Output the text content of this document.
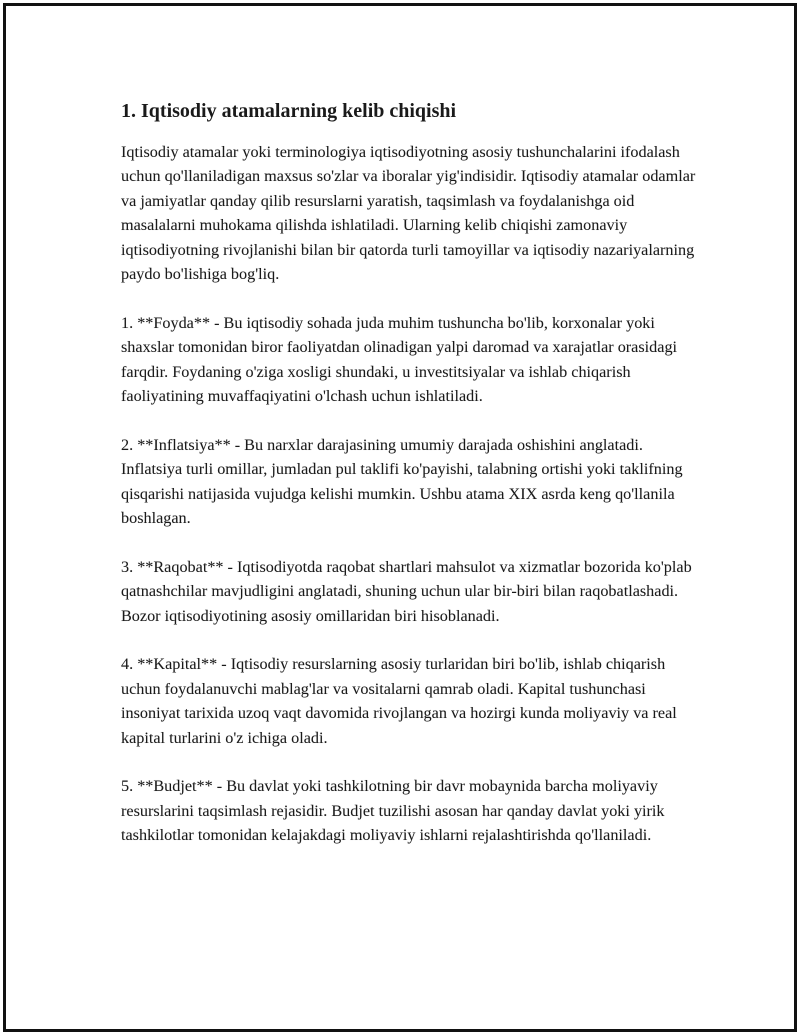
1. Iqtisodiy atamalarning kelib chiqishi

Iqtisodiy atamalar yoki terminologiya iqtisodiyotning asosiy tushunchalarini ifodalash uchun qo'llaniladigan maxsus so'zlar va iboralar yig'indisidir. Iqtisodiy atamalar odamlar va jamiyatlar qanday qilib resurslarni yaratish, taqsimlash va foydalanishga oid masalalarni muhokama qilishda ishlatiladi. Ularning kelib chiqishi zamonaviy iqtisodiyotning rivojlanishi bilan bir qatorda turli tamoyillar va iqtisodiy nazariyalarning paydo bo'lishiga bog'liq.

1. **Foyda** - Bu iqtisodiy sohada juda muhim tushuncha bo'lib, korxonalar yoki shaxslar tomonidan biror faoliyatdan olinadigan yalpi daromad va xarajatlar orasidagi farqdir. Foydaning o'ziga xosligi shundaki, u investitsiyalar va ishlab chiqarish faoliyatining muvaffaqiyatini o'lchash uchun ishlatiladi.

2. **Inflatsiya** - Bu narxlar darajasining umumiy darajada oshishini anglatadi. Inflatsiya turli omillar, jumladan pul taklifi ko'payishi, talabning ortishi yoki taklifning qisqarishi natijasida vujudga kelishi mumkin. Ushbu atama XIX asrda keng qo'llanila boshlagan.

3. **Raqobat** - Iqtisodiyotda raqobat shartlari mahsulot va xizmatlar bozorida ko'plab qatnashchilar mavjudligini anglatadi, shuning uchun ular bir-biri bilan raqobatlashadi. Bozor iqtisodiyotining asosiy omillaridan biri hisoblanadi.

4. **Kapital** - Iqtisodiy resurslarning asosiy turlaridan biri bo'lib, ishlab chiqarish uchun foydalanuvchi mablag'lar va vositalarni qamrab oladi. Kapital tushunchasi insoniyat tarixida uzoq vaqt davomida rivojlangan va hozirgi kunda moliyaviy va real kapital turlarini o'z ichiga oladi.

5. **Budjet** - Bu davlat yoki tashkilotning bir davr mobaynida barcha moliyaviy resurslarini taqsimlash rejasidir. Budjet tuzilishi asosan har qanday davlat yoki yirik tashkilotlar tomonidan kelajakdagi moliyaviy ishlarni rejalashtirishda qo'llaniladi.
